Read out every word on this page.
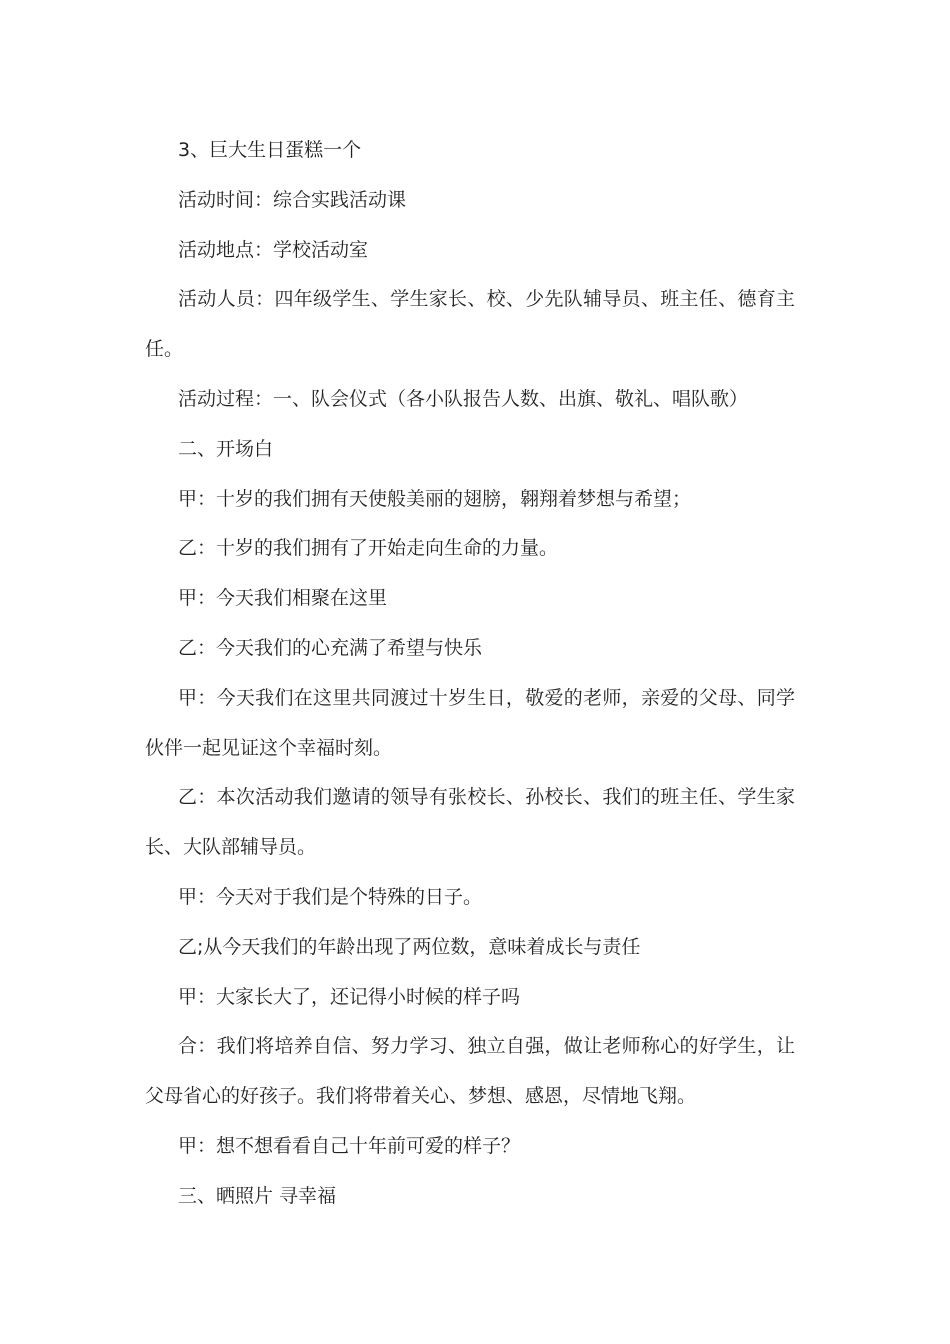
3、巨大生日蛋糕一个

活动时间：综合实践活动课

活动地点：学校活动室

活动人员：四年级学生、学生家长、校、少先队辅导员、班主任、德育主任。

活动过程：一、队会仪式（各小队报告人数、出旗、敬礼、唱队歌）

二、开场白

甲：十岁的我们拥有天使般美丽的翅膀，翱翔着梦想与希望；

乙：十岁的我们拥有了开始走向生命的力量。

甲：今天我们相聚在这里

乙：今天我们的心充满了希望与快乐

甲：今天我们在这里共同渡过十岁生日，敬爱的老师，亲爱的父母、同学伙伴一起见证这个幸福时刻。

乙：本次活动我们邀请的领导有张校长、孙校长、我们的班主任、学生家长、大队部辅导员。

甲：今天对于我们是个特殊的日子。

乙;从今天我们的年龄出现了两位数，意味着成长与责任

甲：大家长大了，还记得小时候的样子吗

合：我们将培养自信、努力学习、独立自强，做让老师称心的好学生，让父母省心的好孩子。我们将带着关心、梦想、感恩，尽情地飞翔。

甲：想不想看看自己十年前可爱的样子？

三、晒照片 寻幸福
